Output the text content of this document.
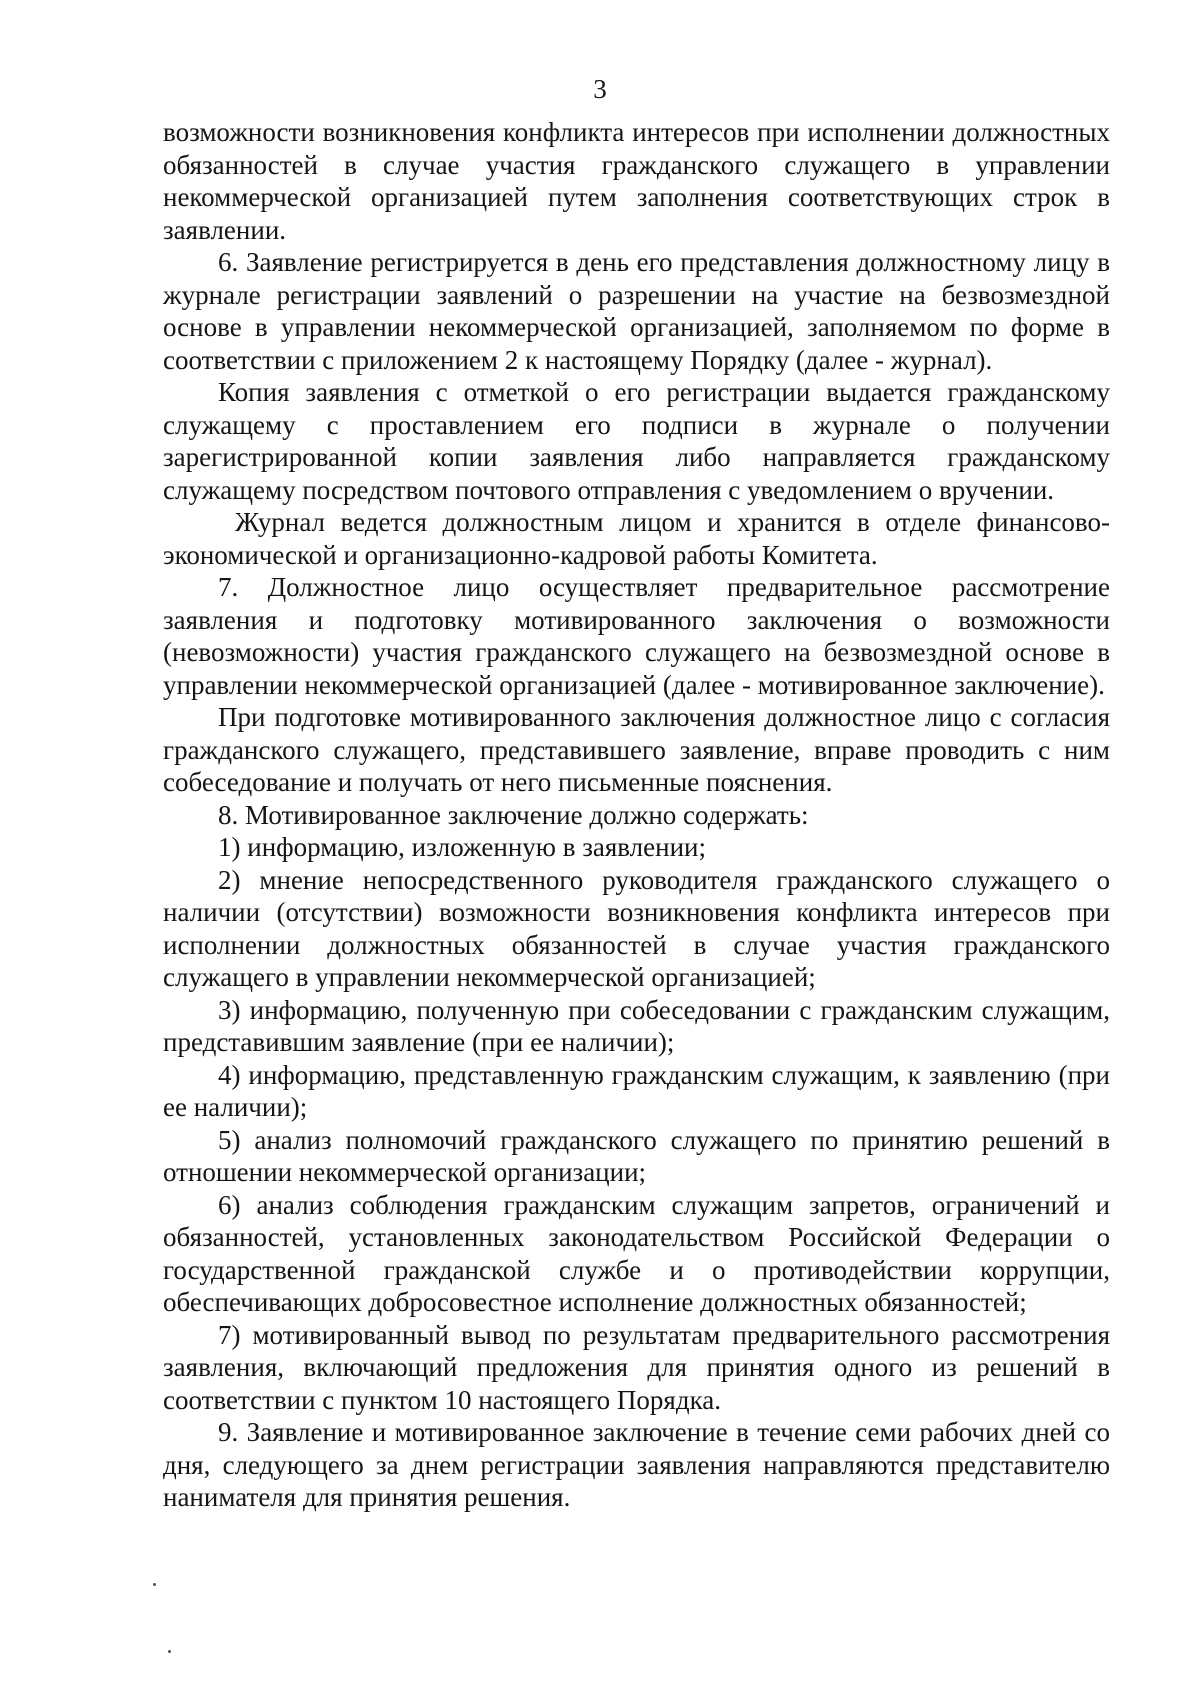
3

возможности возникновения конфликта интересов при исполнении должностных обязанностей в случае участия гражданского служащего в управлении некоммерческой организацией путем заполнения соответствующих строк в заявлении.

6. Заявление регистрируется в день его представления должностному лицу в журнале регистрации заявлений о разрешении на участие на безвозмездной основе в управлении некоммерческой организацией, заполняемом по форме в соответствии с приложением 2 к настоящему Порядку (далее - журнал).

Копия заявления с отметкой о его регистрации выдается гражданскому служащему с проставлением его подписи в журнале о получении зарегистрированной копии заявления либо направляется гражданскому служащему посредством почтового отправления с уведомлением о вручении.

Журнал ведется должностным лицом и хранится в отделе финансово-экономической и организационно-кадровой работы Комитета.

7. Должностное лицо осуществляет предварительное рассмотрение заявления и подготовку мотивированного заключения о возможности (невозможности) участия гражданского служащего на безвозмездной основе в управлении некоммерческой организацией (далее - мотивированное заключение).

При подготовке мотивированного заключения должностное лицо с согласия гражданского служащего, представившего заявление, вправе проводить с ним собеседование и получать от него письменные пояснения.

8. Мотивированное заключение должно содержать:

1) информацию, изложенную в заявлении;

2) мнение непосредственного руководителя гражданского служащего о наличии (отсутствии) возможности возникновения конфликта интересов при исполнении должностных обязанностей в случае участия гражданского служащего в управлении некоммерческой организацией;

3) информацию, полученную при собеседовании с гражданским служащим, представившим заявление (при ее наличии);

4) информацию, представленную гражданским служащим, к заявлению (при ее наличии);

5) анализ полномочий гражданского служащего по принятию решений в отношении некоммерческой организации;

6) анализ соблюдения гражданским служащим запретов, ограничений и обязанностей, установленных законодательством Российской Федерации о государственной гражданской службе и о противодействии коррупции, обеспечивающих добросовестное исполнение должностных обязанностей;

7) мотивированный вывод по результатам предварительного рассмотрения заявления, включающий предложения для принятия одного из решений в соответствии с пунктом 10 настоящего Порядка.

9. Заявление и мотивированное заключение в течение семи рабочих дней со дня, следующего за днем регистрации заявления направляются представителю нанимателя для принятия решения.
